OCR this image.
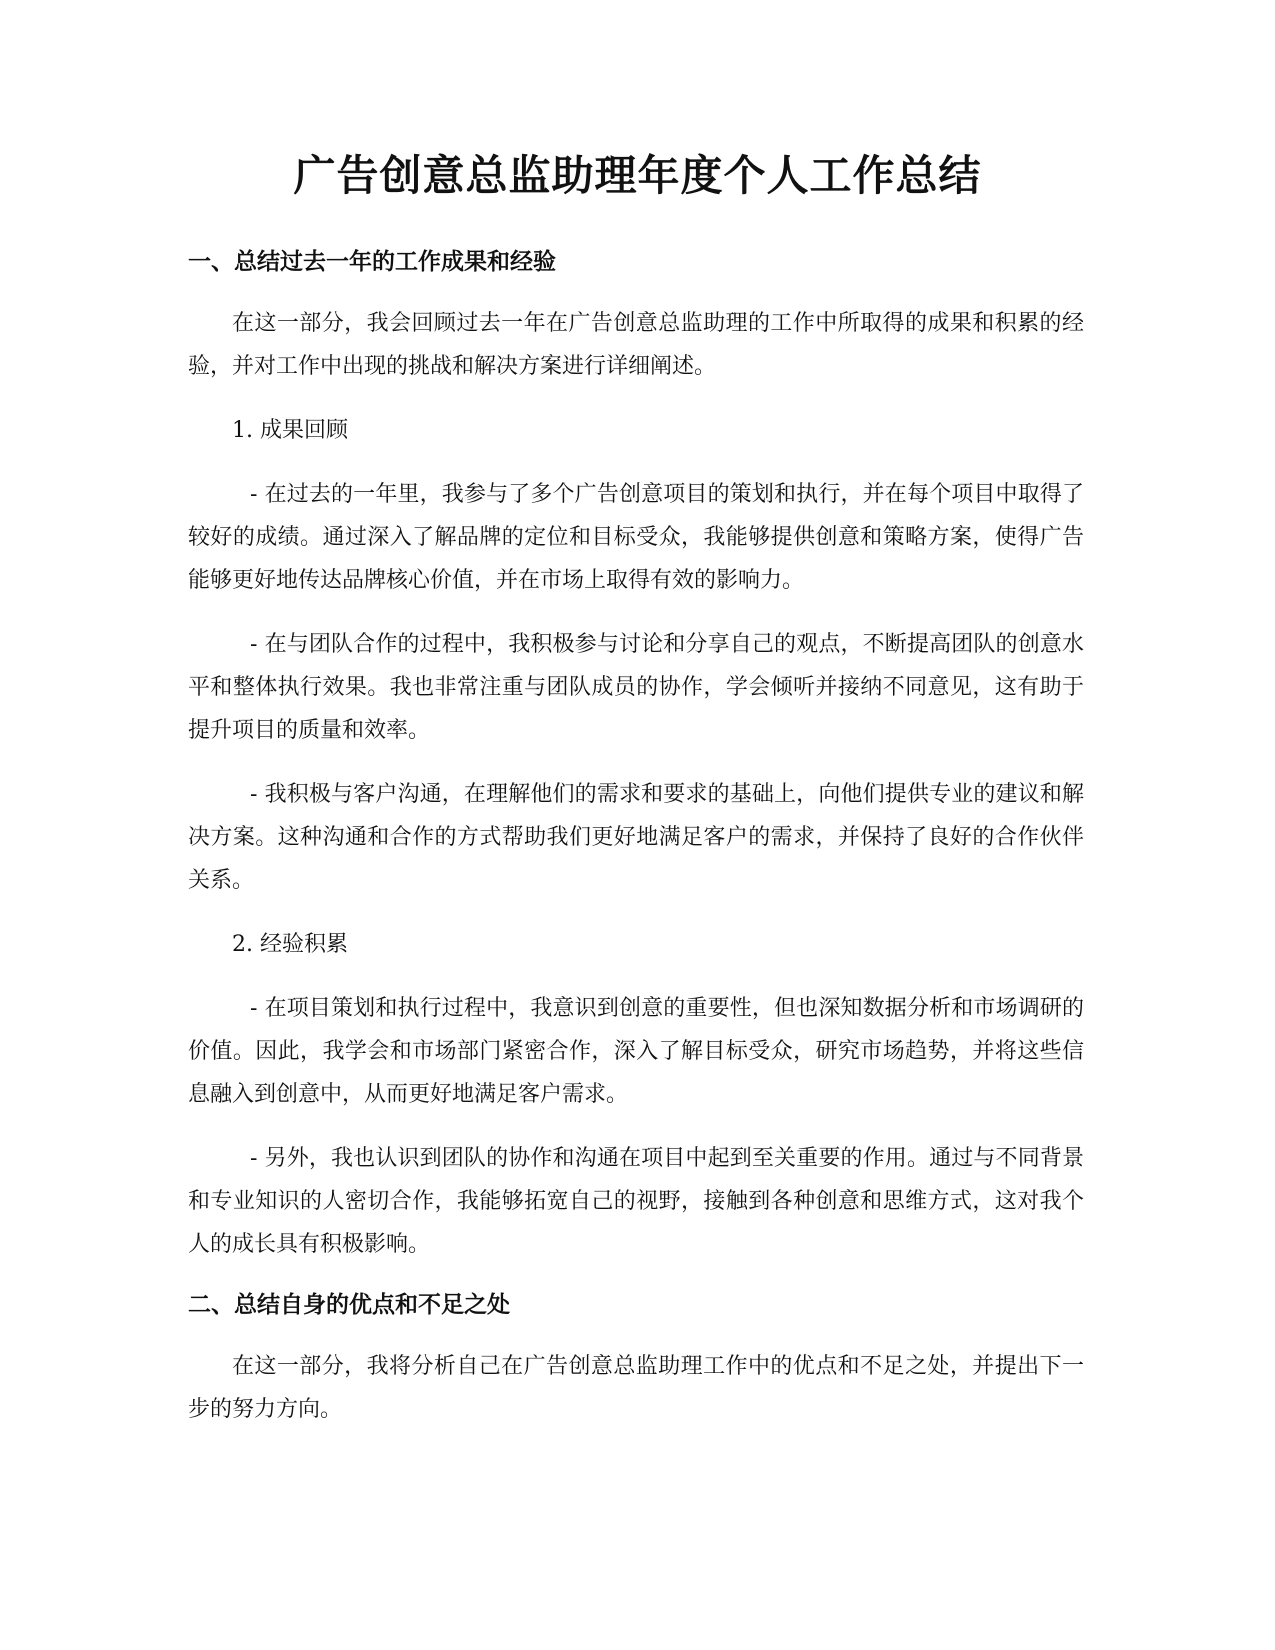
广告创意总监助理年度个人工作总结
一、总结过去一年的工作成果和经验
在这一部分，我会回顾过去一年在广告创意总监助理的工作中所取得的成果和积累的经验，并对工作中出现的挑战和解决方案进行详细阐述。
1. 成果回顾
- 在过去的一年里，我参与了多个广告创意项目的策划和执行，并在每个项目中取得了较好的成绩。通过深入了解品牌的定位和目标受众，我能够提供创意和策略方案，使得广告能够更好地传达品牌核心价值，并在市场上取得有效的影响力。
- 在与团队合作的过程中，我积极参与讨论和分享自己的观点，不断提高团队的创意水平和整体执行效果。我也非常注重与团队成员的协作，学会倾听并接纳不同意见，这有助于提升项目的质量和效率。
- 我积极与客户沟通，在理解他们的需求和要求的基础上，向他们提供专业的建议和解决方案。这种沟通和合作的方式帮助我们更好地满足客户的需求，并保持了良好的合作伙伴关系。
2. 经验积累
- 在项目策划和执行过程中，我意识到创意的重要性，但也深知数据分析和市场调研的价值。因此，我学会和市场部门紧密合作，深入了解目标受众，研究市场趋势，并将这些信息融入到创意中，从而更好地满足客户需求。
- 另外，我也认识到团队的协作和沟通在项目中起到至关重要的作用。通过与不同背景和专业知识的人密切合作，我能够拓宽自己的视野，接触到各种创意和思维方式，这对我个人的成长具有积极影响。
二、总结自身的优点和不足之处
在这一部分，我将分析自己在广告创意总监助理工作中的优点和不足之处，并提出下一步的努力方向。
